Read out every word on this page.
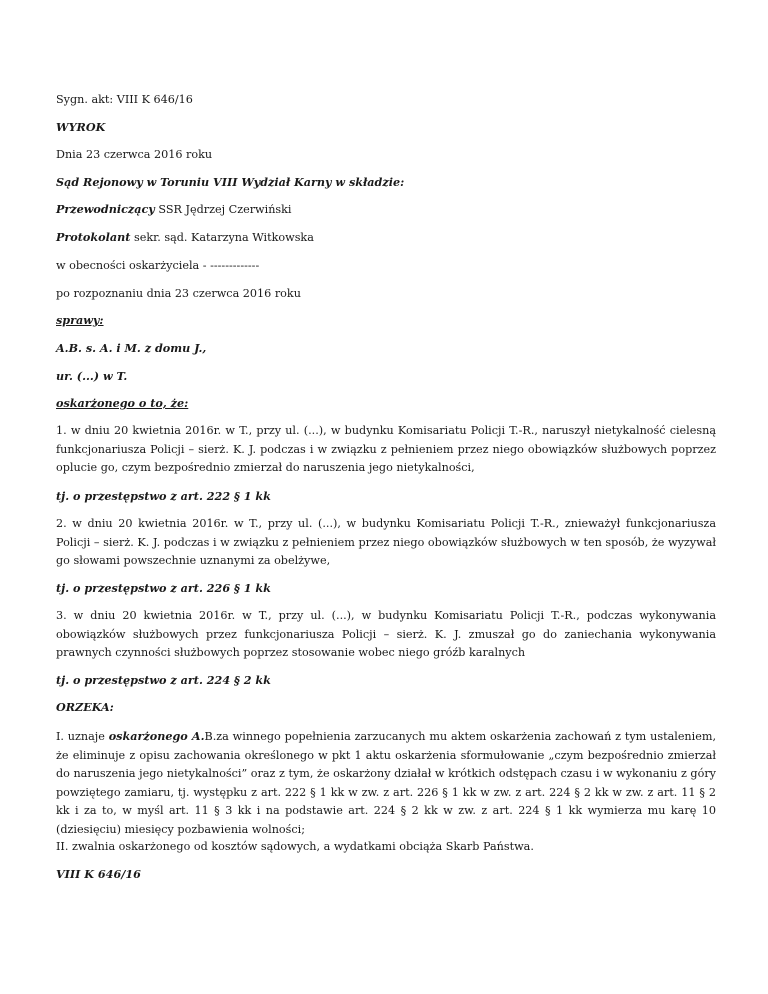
Sygn. akt: VIII K 646/16

WYROK

Dnia 23 czerwca 2016 roku

Sąd Rejonowy w Toruniu VIII Wydział Karny w składzie:

Przewodniczący SSR Jędrzej Czerwiński

Protokolant sekr. sąd. Katarzyna Witkowska

w obecności oskarżyciela - -------------

po rozpoznaniu dnia 23 czerwca 2016 roku

sprawy:

A.B. s. A. i M. z domu J.,

ur. (...) w T.

oskarżonego o to, że:

1. w dniu 20 kwietnia 2016r. w T., przy ul. (...), w budynku Komisariatu Policji T.-R., naruszył nietykalność cielesną funkcjonariusza Policji – sierż. K. J. podczas i w związku z pełnieniem przez niego obowiązków służbowych poprzez oplucie go, czym bezpośrednio zmierzał do naruszenia jego nietykalności,

tj. o przestępstwo z art. 222 § 1 kk

2. w dniu 20 kwietnia 2016r. w T., przy ul. (...), w budynku Komisariatu Policji T.-R., znieważył funkcjonariusza Policji – sierż. K. J. podczas i w związku z pełnieniem przez niego obowiązków służbowych w ten sposób, że wyzywał go słowami powszechnie uznanymi za obelżywe,

tj. o przestępstwo z art. 226 § 1 kk

3. w dniu 20 kwietnia 2016r. w T., przy ul. (...), w budynku Komisariatu Policji T.-R., podczas wykonywania obowiązków służbowych przez funkcjonariusza Policji – sierż. K. J. zmuszał go do zaniechania wykonywania prawnych czynności służbowych poprzez stosowanie wobec niego gróźb karalnych

tj. o przestępstwo z art. 224 § 2 kk

ORZEKA:

I. uznaje oskarżonego A.B.za winnego popełnienia zarzucanych mu aktem oskarżenia zachowań z tym ustaleniem, że eliminuje z opisu zachowania określonego w pkt 1 aktu oskarżenia sformułowanie „czym bezpośrednio zmierzał do naruszenia jego nietykalności” oraz z tym, że oskarżony działał w krótkich odstępach czasu i w wykonaniu z góry powziętego zamiaru, tj. występku z art. 222 § 1 kk w zw. z art. 226 § 1 kk w zw. z art. 224 § 2 kk w zw. z art. 11 § 2 kk i za to, w myśl art. 11 § 3 kk i na podstawie art. 224 § 2 kk w zw. z art. 224 § 1 kk wymierza mu karę 10 (dziesięciu) miesięcy pozbawienia wolności;

II. zwalnia oskarżonego od kosztów sądowych, a wydatkami obciąża Skarb Państwa.

VIII K 646/16
